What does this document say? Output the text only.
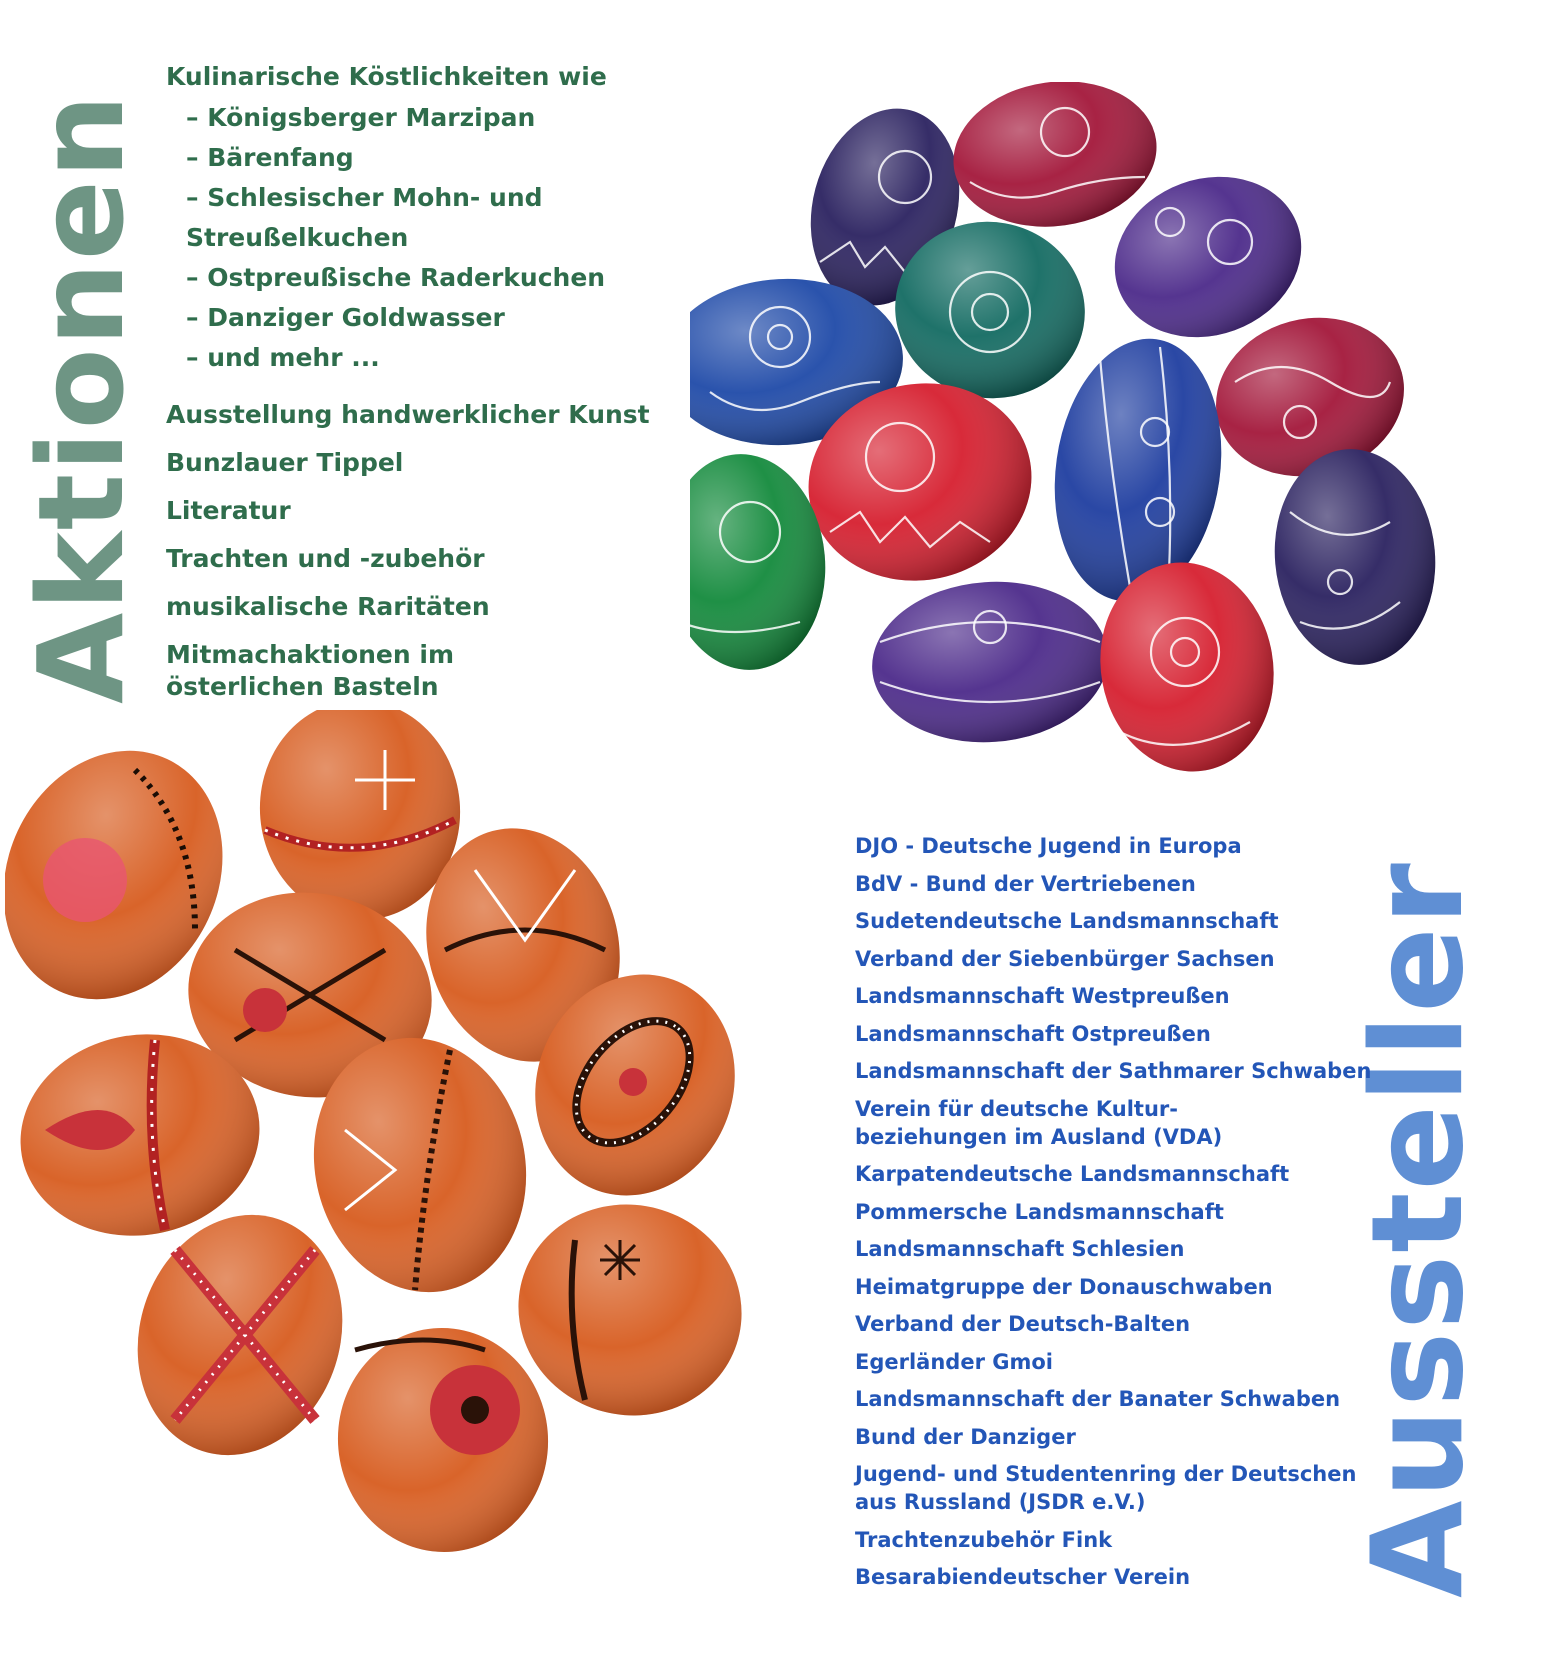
Aktionen
Aussteller
Kulinarische Köstlichkeiten wie
– Königsberger Marzipan
– Bärenfang
– Schlesischer Mohn- und Streußelkuchen
– Ostpreußische Raderkuchen
– Danziger Goldwasser
– und mehr ...
Ausstellung handwerklicher Kunst
Bunzlauer Tippel
Literatur
Trachten und -zubehör
musikalische Raritäten
Mitmachaktionen im
österlichen Basteln
DJO - Deutsche Jugend in Europa
BdV - Bund der Vertriebenen
Sudetendeutsche Landsmannschaft
Verband der Siebenbürger Sachsen
Landsmannschaft Westpreußen
Landsmannschaft Ostpreußen
Landsmannschaft der Sathmarer Schwaben
Verein für deutsche Kultur-
beziehungen im Ausland (VDA)
Karpatendeutsche Landsmannschaft
Pommersche Landsmannschaft
Landsmannschaft Schlesien
Heimatgruppe der Donauschwaben
Verband der Deutsch-Balten
Egerländer Gmoi
Landsmannschaft der Banater Schwaben
Bund der Danziger
Jugend- und Studentenring der Deutschen
aus Russland (JSDR e.V.)
Trachtenzubehör Fink
Besarabiendeutscher Verein
